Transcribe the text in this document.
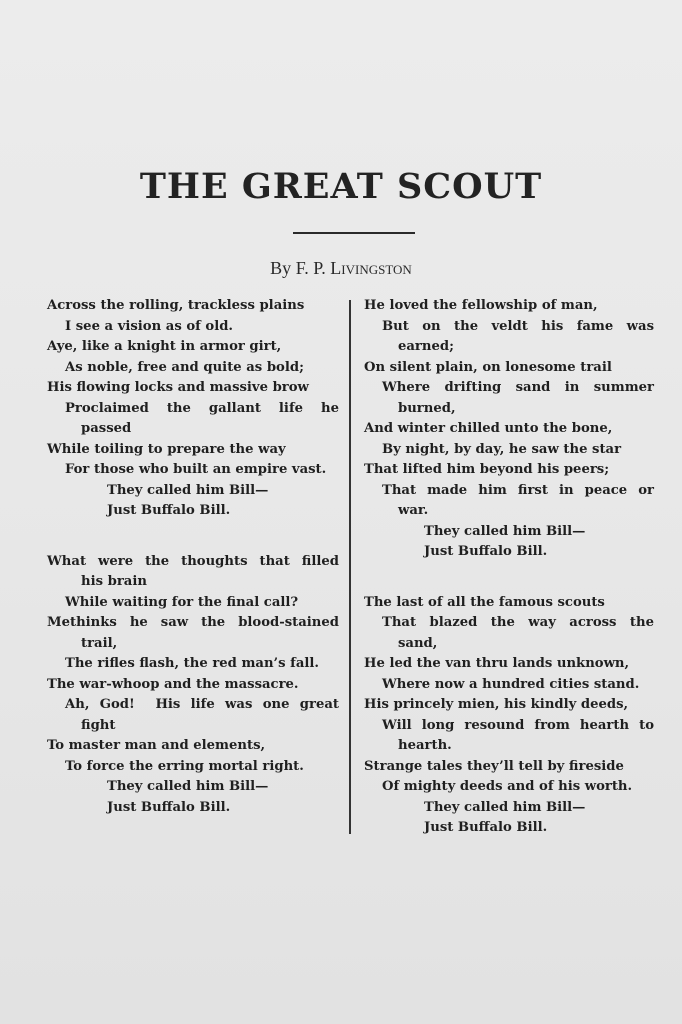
THE GREAT SCOUT
By F. P. Livingston
Across the rolling, trackless plains
I see a vision as of old.
Aye, like a knight in armor girt,
As noble, free and quite as bold;
His flowing locks and massive brow
Proclaimed the gallant life he
passed
While toiling to prepare the way
For those who built an empire vast.
They called him Bill—
Just Buffalo Bill.
What were the thoughts that filled
his brain
While waiting for the final call?
Methinks he saw the blood-stained
trail,
The rifles flash, the red man’s fall.
The war-whoop and the massacre.
Ah, God!  His life was one great
fight
To master man and elements,
To force the erring mortal right.
They called him Bill—
Just Buffalo Bill.
He loved the fellowship of man,
But on the veldt his fame was
earned;
On silent plain, on lonesome trail
Where drifting sand in summer
burned,
And winter chilled unto the bone,
By night, by day, he saw the star
That lifted him beyond his peers;
That made him first in peace or
war.
They called him Bill—
Just Buffalo Bill.
The last of all the famous scouts
That blazed the way across the
sand,
He led the van thru lands unknown,
Where now a hundred cities stand.
His princely mien, his kindly deeds,
Will long resound from hearth to
hearth.
Strange tales they’ll tell by fireside
Of mighty deeds and of his worth.
They called him Bill—
Just Buffalo Bill.
